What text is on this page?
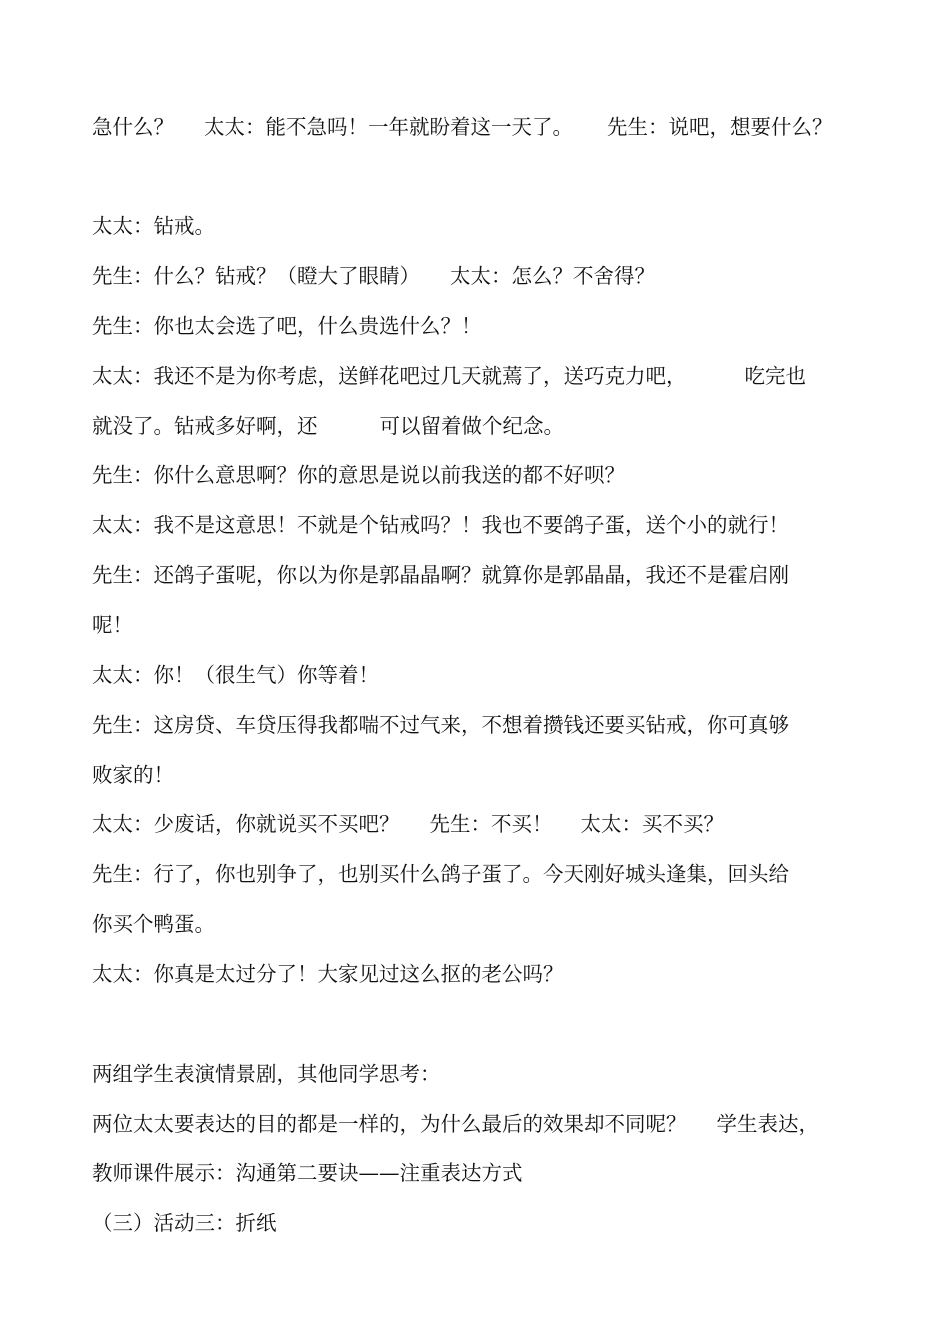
急什么？ 太太：能不急吗！一年就盼着这一天了。 先生：说吧，想要什么？
太太：钻戒。
先生：什么？钻戒？（瞪大了眼睛） 太太：怎么？不舍得？
先生：你也太会选了吧，什么贵选什么？！
太太：我还不是为你考虑，送鲜花吧过几天就蔫了，送巧克力吧，	吃完也
就没了。钻戒多好啊，还	可以留着做个纪念。
先生：你什么意思啊？你的意思是说以前我送的都不好呗？
太太：我不是这意思！不就是个钻戒吗？！我也不要鸽子蛋，送个小的就行！
先生：还鸽子蛋呢，你以为你是郭晶晶啊？就算你是郭晶晶，我还不是霍启刚
呢！
太太：你！（很生气）你等着！
先生：这房贷、车贷压得我都喘不过气来，不想着攒钱还要买钻戒，你可真够
败家的！
太太：少废话，你就说买不买吧？ 先生：不买！ 太太：买不买？
先生：行了，你也别争了，也别买什么鸽子蛋了。今天刚好城头逢集，回头给
你买个鸭蛋。
太太：你真是太过分了！大家见过这么抠的老公吗？
两组学生表演情景剧，其他同学思考：
两位太太要表达的目的都是一样的，为什么最后的效果却不同呢？ 学生表达，
教师课件展示：沟通第二要诀——注重表达方式
（三）活动三：折纸
